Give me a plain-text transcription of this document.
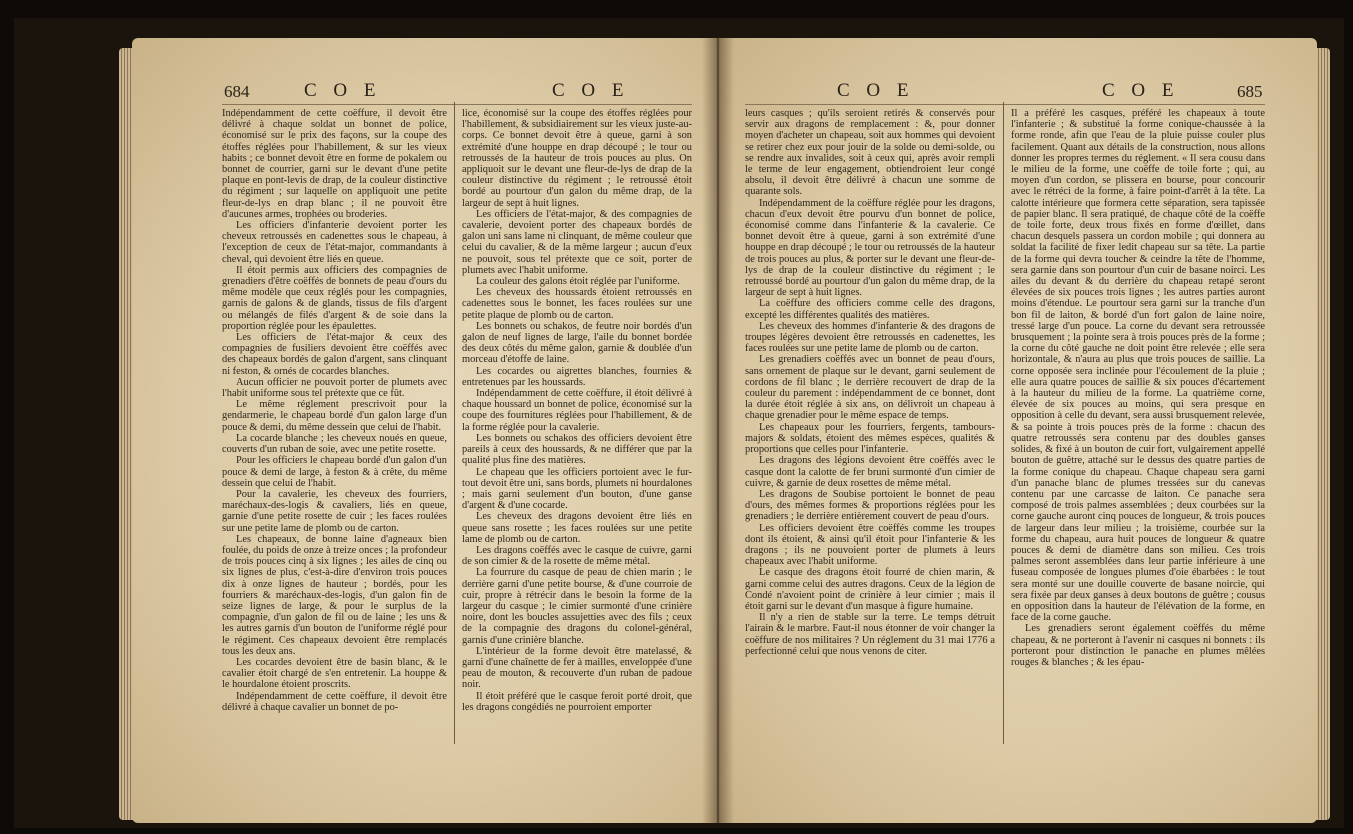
684	C O E	C O E

Indépendamment de cette coëffure, il devoit être délivré à chaque soldat un bonnet de police, économisé sur le prix des façons, sur la coupe des étoffes réglées pour l'habillement, & sur les vieux habits ; ce bonnet devoit être en forme de pokalem ou bonnet de courrier, garni sur le devant d'une petite plaque en pont-levis de drap, de la couleur distinctive du régiment ; sur laquelle on appliquoit une petite fleur-de-lys en drap blanc ; il ne pouvoit être d'aucunes armes, trophées ou broderies.

Les officiers d'infanterie devoient porter les cheveux retroussés en cadenettes sous le chapeau, à l'exception de ceux de l'état-major, commandants à cheval, qui devoient être liés en queue.

Il étoit permis aux officiers des compagnies de grenadiers d'être coëffés de bonnets de peau d'ours du même modèle que ceux réglés pour les compagnies, garnis de galons & de glands, tissus de fils d'argent ou mélangés de filés d'argent & de soie dans la proportion réglée pour les épaulettes.

Les officiers de l'état-major & ceux des compagnies de fusiliers devoient être coëffés avec des chapeaux bordés de galon d'argent, sans clinquant ni feston, & ornés de cocardes blanches.

Aucun officier ne pouvoit porter de plumets avec l'habit uniforme sous tel prétexte que ce fût.

Le même réglement prescrivoit pour la gendarmerie, le chapeau bordé d'un galon large d'un pouce & demi, du même dessein que celui de l'habit.

La cocarde blanche ; les cheveux noués en queue, couverts d'un ruban de soie, avec une petite rosette.

Pour les officiers le chapeau bordé d'un galon d'un pouce & demi de large, à feston & à crête, du même dessein que celui de l'habit.

Pour la cavalerie, les cheveux des fourriers, maréchaux-des-logis & cavaliers, liés en queue, garnie d'une petite rosette de cuir ; les faces roulées sur une petite lame de plomb ou de carton.

Les chapeaux, de bonne laine d'agneaux bien foulée, du poids de onze à treize onces ; la profondeur de trois pouces cinq à six lignes ; les ailes de cinq ou six lignes de plus, c'est-à-dire d'environ trois pouces dix à onze lignes de hauteur ; bordés, pour les fourriers & maréchaux-des-logis, d'un galon fin de seize lignes de large, & pour le surplus de la compagnie, d'un galon de fil ou de laine ; les uns & les autres garnis d'un bouton de l'uniforme réglé pour le régiment. Ces chapeaux devoient être remplacés tous les deux ans.

Les cocardes devoient être de basin blanc, & le cavalier étoit chargé de s'en entretenir. La houppe & le hourdalone étoient proscrits.

Indépendamment de cette coëffure, il devoit être délivré à chaque cavalier un bonnet de po-

lice, économisé sur la coupe des étoffes réglées pour l'habillement, & subsidiairement sur les vieux juste-au-corps. Ce bonnet devoit être à queue, garni à son extrémité d'une houppe en drap découpé ; le tour ou retroussés de la hauteur de trois pouces au plus. On appliquoit sur le devant une fleur-de-lys de drap de la couleur distinctive du régiment ; le retroussé étoit bordé au pourtour d'un galon du même drap, de la largeur de sept à huit lignes.

Les officiers de l'état-major, & des compagnies de cavalerie, devoient porter des chapeaux bordés de galon uni sans lame ni clinquant, de même couleur que celui du cavalier, & de la même largeur ; aucun d'eux ne pouvoit, sous tel prétexte que ce soit, porter de plumets avec l'habit uniforme.

La couleur des galons étoit réglée par l'uniforme.

Les cheveux des houssards étoient retroussés en cadenettes sous le bonnet, les faces roulées sur une petite plaque de plomb ou de carton.

Les bonnets ou schakos, de feutre noir bordés d'un galon de neuf lignes de large, l'aile du bonnet bordée des deux côtés du même galon, garnie & doublée d'un morceau d'étoffe de laine.

Les cocardes ou aigrettes blanches, fournies & entretenues par les houssards.

Indépendamment de cette coëffure, il étoit délivré à chaque houssard un bonnet de police, économisé sur la coupe des fournitures réglées pour l'habillement, & de la forme réglée pour la cavalerie.

Les bonnets ou schakos des officiers devoient être pareils à ceux des houssards, & ne différer que par la qualité plus fine des matières.

Le chapeau que les officiers portoient avec le fur-tout devoit être uni, sans bords, plumets ni hourdalones ; mais garni seulement d'un bouton, d'une ganse d'argent & d'une cocarde.

Les cheveux des dragons devoient être liés en queue sans rosette ; les faces roulées sur une petite lame de plomb ou de carton.

Les dragons coëffés avec le casque de cuivre, garni de son cimier & de la rosette de même métal.

La fourrure du casque de peau de chien marin ; le derrière garni d'une petite bourse, & d'une courroie de cuir, propre à rétrécir dans le besoin la forme de la largeur du casque ; le cimier surmonté d'une crinière noire, dont les boucles assujetties avec des fils ; ceux de la compagnie des dragons du colonel-général, garnis d'une crinière blanche.

L'intérieur de la forme devoit être matelassé, & garni d'une chaînette de fer à mailles, enveloppée d'une peau de mouton, & recouverte d'un ruban de padoue noir.

Il étoit préféré que le casque feroit porté droit, que les dragons congédiés ne pourroient emporter

C O E	C O E	685

leurs casques ; qu'ils seroient retirés & conservés pour servir aux dragons de remplacement : &, pour donner moyen d'acheter un chapeau, soit aux hommes qui devoient se retirer chez eux pour jouir de la solde ou demi-solde, ou se rendre aux invalides, soit à ceux qui, après avoir rempli le terme de leur engagement, obtiendroient leur congé absolu, il devoit être délivré à chacun une somme de quarante sols.

Indépendamment de la coëffure réglée pour les dragons, chacun d'eux devoit être pourvu d'un bonnet de police, économisé comme dans l'infanterie & la cavalerie. Ce bonnet devoit être à queue, garni à son extrémité d'une houppe en drap découpé ; le tour ou retroussés de la hauteur de trois pouces au plus, & porter sur le devant une fleur-de-lys de drap de la couleur distinctive du régiment ; le retroussé bordé au pourtour d'un galon du même drap, de la largeur de sept à huit lignes.

La coëffure des officiers comme celle des dragons, excepté les différentes qualités des matières.

Les cheveux des hommes d'infanterie & des dragons de troupes légères devoient être retroussés en cadenettes, les faces roulées sur une petite lame de plomb ou de carton.

Les grenadiers coëffés avec un bonnet de peau d'ours, sans ornement de plaque sur le devant, garni seulement de cordons de fil blanc ; le derrière recouvert de drap de la couleur du parement : indépendamment de ce bonnet, dont la durée étoit réglée à six ans, on délivroit un chapeau à chaque grenadier pour le même espace de temps.

Les chapeaux pour les fourriers, fergents, tambours-majors & soldats, étoient des mêmes espèces, qualités & proportions que celles pour l'infanterie.

Les dragons des légions devoient être coëffés avec le casque dont la calotte de fer bruni surmonté d'un cimier de cuivre, & garnie de deux rosettes de même métal.

Les dragons de Soubise portoient le bonnet de peau d'ours, des mêmes formes & proportions réglées pour les grenadiers ; le derrière entièrement couvert de peau d'ours.

Les officiers devoient être coëffés comme les troupes dont ils étoient, & ainsi qu'il étoit pour l'infanterie & les dragons ; ils ne pouvoient porter de plumets à leurs chapeaux avec l'habit uniforme.

Le casque des dragons étoit fourré de chien marin, & garni comme celui des autres dragons. Ceux de la légion de Condé n'avoient point de crinière à leur cimier ; mais il étoit garni sur le devant d'un masque à figure humaine.

Il n'y a rien de stable sur la terre. Le temps détruit l'airain & le marbre. Faut-il nous étonner de voir changer la coëffure de nos militaires ? Un réglement du 31 mai 1776 a perfectionné celui que nous venons de citer.

Il a préféré les casques, préféré les chapeaux à toute l'infanterie ; & substitué la forme conique-chaussée à la forme ronde, afin que l'eau de la pluie puisse couler plus facilement. Quant aux détails de la construction, nous allons donner les propres termes du réglement. « Il sera cousu dans le milieu de la forme, une coëffe de toile forte ; qui, au moyen d'un cordon, se plissera en bourse, pour concourir avec le rétréci de la forme, à faire point-d'arrêt à la tête. La calotte intérieure que formera cette séparation, sera tapissée de papier blanc. Il sera pratiqué, de chaque côté de la coëffe de toile forte, deux trous fixés en forme d'œillet, dans chacun desquels passera un cordon mobile ; qui donnera au soldat la facilité de fixer ledit chapeau sur sa tête. La partie de la forme qui devra toucher & ceindre la tête de l'homme, sera garnie dans son pourtour d'un cuir de basane noirci. Les ailes du devant & du derrière du chapeau retapé seront élevées de six pouces trois lignes ; les autres parties auront moins d'étendue. Le pourtour sera garni sur la tranche d'un bon fil de laiton, & bordé d'un fort galon de laine noire, tressé large d'un pouce. La corne du devant sera retroussée brusquement ; la pointe sera à trois pouces près de la forme ; la corne du côté gauche ne doit point être relevée ; elle sera horizontale, & n'aura au plus que trois pouces de saillie. La corne opposée sera inclinée pour l'écoulement de la pluie ; elle aura quatre pouces de saillie & six pouces d'écartement à la hauteur du milieu de la forme. La quatrième corne, élevée de six pouces au moins, qui sera presque en opposition à celle du devant, sera aussi brusquement relevée, & sa pointe à trois pouces près de la forme : chacun des quatre retroussés sera contenu par des doubles ganses solides, & fixé à un bouton de cuir fort, vulgairement appellé bouton de guêtre, attaché sur le dessus des quatre parties de la forme conique du chapeau. Chaque chapeau sera garni d'un panache blanc de plumes tressées sur du canevas contenu par une carcasse de laiton. Ce panache sera composé de trois palmes assemblées ; deux courbées sur la corne gauche auront cinq pouces de longueur, & trois pouces de largeur dans leur milieu ; la troisième, courbée sur la forme du chapeau, aura huit pouces de longueur & quatre pouces & demi de diamètre dans son milieu. Ces trois palmes seront assemblées dans leur partie inférieure à une fuseau composée de longues plumes d'oie ébarbées : le tout sera monté sur une douille couverte de basane noircie, qui sera fixée par deux ganses à deux boutons de guêtre ; cousus en opposition dans la hauteur de l'élévation de la forme, en face de la corne gauche.

Les grenadiers seront également coëffés du même chapeau, & ne porteront à l'avenir ni casques ni bonnets : ils porteront pour distinction le panache en plumes mêlées rouges & blanches ; & les épau-
